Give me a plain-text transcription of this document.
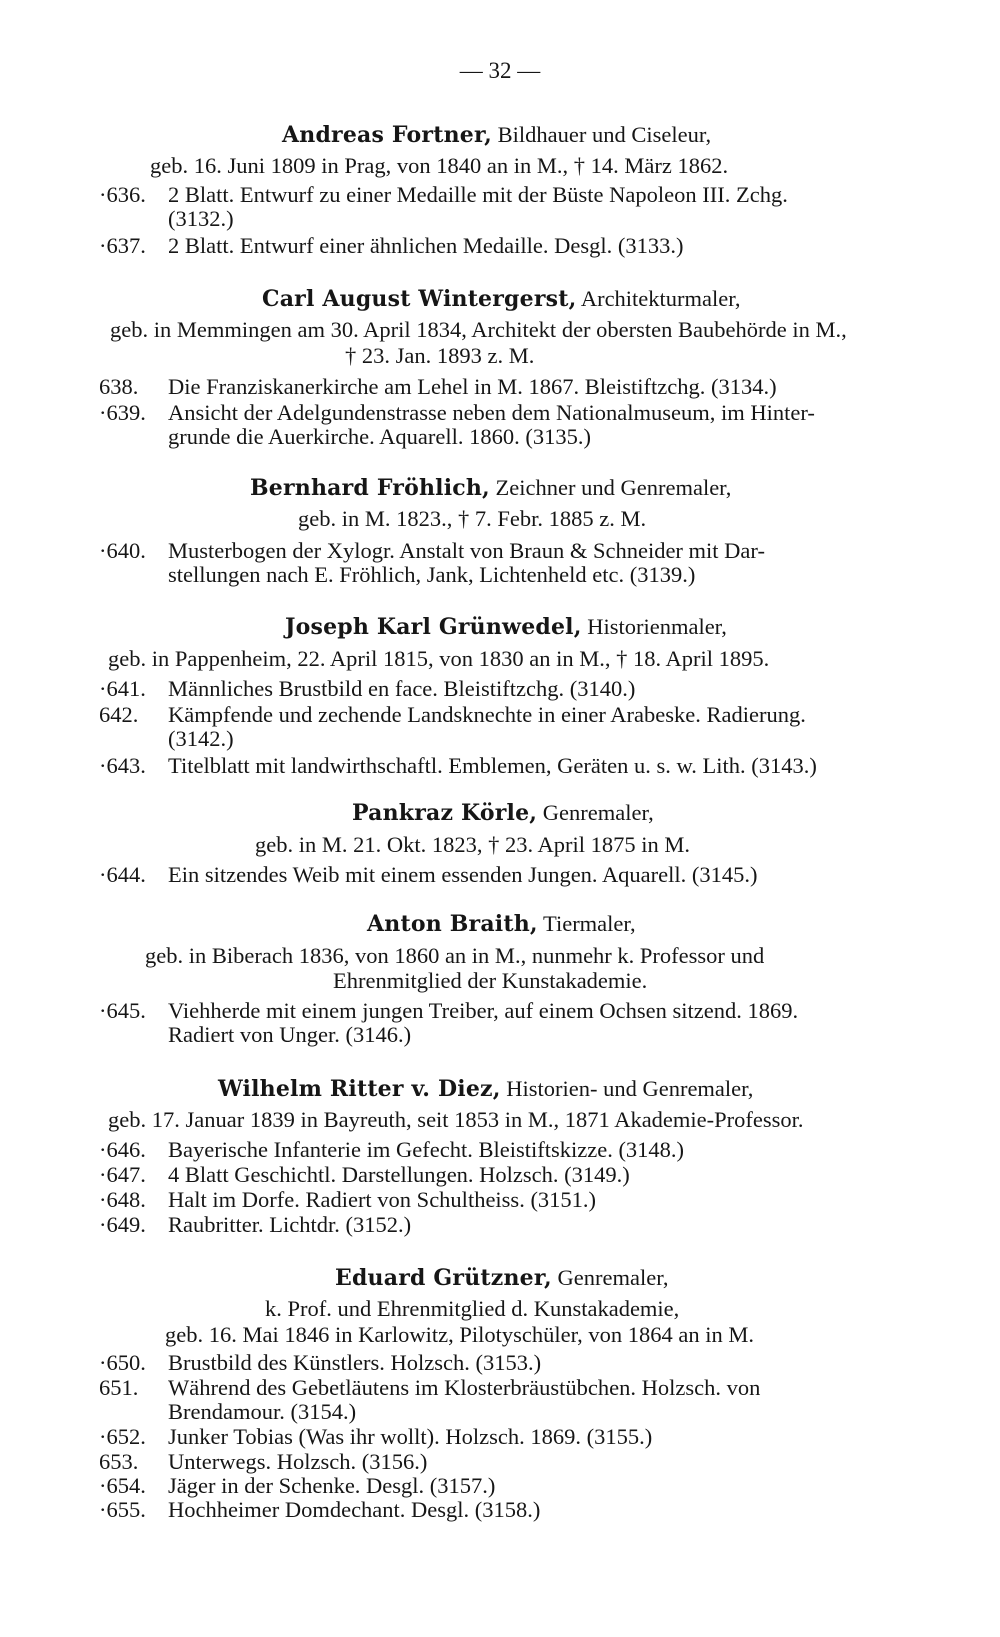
— 32 —
Andreas Fortner, Bildhauer und Ciseleur,
geb. 16. Juni 1809 in Prag, von 1840 an in M., † 14. März 1862.
·636. 2 Blatt. Entwurf zu einer Medaille mit der Büste Napoleon III. Zchg.
(3132.)
·637. 2 Blatt. Entwurf einer ähnlichen Medaille. Desgl. (3133.)
Carl August Wintergerst, Architekturmaler,
geb. in Memmingen am 30. April 1834, Architekt der obersten Baubehörde in M.,
† 23. Jan. 1893 z. M.
638.	Die Franziskanerkirche am Lehel in M. 1867. Bleistiftzchg. (3134.)
·639. Ansicht der Adelgundenstrasse neben dem Nationalmuseum, im Hinter-
grunde die Auerkirche. Aquarell. 1860. (3135.)
Bernhard Fröhlich, Zeichner und Genremaler,
geb. in M. 1823., † 7. Febr. 1885 z. M.
·640. Musterbogen der Xylogr. Anstalt von Braun & Schneider mit Dar-
stellungen nach E. Fröhlich, Jank, Lichtenheld etc. (3139.)
Joseph Karl Grünwedel, Historienmaler,
geb. in Pappenheim, 22. April 1815, von 1830 an in M., † 18. April 1895.
·641. Männliches Brustbild en face. Bleistiftzchg. (3140.)
642.	Kämpfende und zechende Landsknechte in einer Arabeske. Radierung.
(3142.)
·643. Titelblatt mit landwirthschaftl. Emblemen, Geräten u. s. w. Lith. (3143.)
Pankraz Körle, Genremaler,
geb. in M. 21. Okt. 1823, † 23. April 1875 in M.
·644. Ein sitzendes Weib mit einem essenden Jungen. Aquarell. (3145.)
Anton Braith, Tiermaler,
geb. in Biberach 1836, von 1860 an in M., nunmehr k. Professor und
Ehrenmitglied der Kunstakademie.
·645. Viehherde mit einem jungen Treiber, auf einem Ochsen sitzend. 1869.
Radiert von Unger. (3146.)
Wilhelm Ritter v. Diez, Historien- und Genremaler,
geb. 17. Januar 1839 in Bayreuth, seit 1853 in M., 1871 Akademie-Professor.
·646. Bayerische Infanterie im Gefecht. Bleistiftskizze. (3148.)
·647. 4 Blatt Geschichtl. Darstellungen. Holzsch. (3149.)
·648. Halt im Dorfe. Radiert von Schultheiss. (3151.)
·649. Raubritter. Lichtdr. (3152.)
Eduard Grützner, Genremaler,
k. Prof. und Ehrenmitglied d. Kunstakademie,
geb. 16. Mai 1846 in Karlowitz, Pilotyschüler, von 1864 an in M.
·650. Brustbild des Künstlers. Holzsch. (3153.)
651.	Während des Gebetläutens im Klosterbräustübchen. Holzsch. von
Brendamour. (3154.)
·652. Junker Tobias (Was ihr wollt). Holzsch. 1869. (3155.)
653.	Unterwegs. Holzsch. (3156.)
·654. Jäger in der Schenke. Desgl. (3157.)
·655. Hochheimer Domdechant. Desgl. (3158.)
